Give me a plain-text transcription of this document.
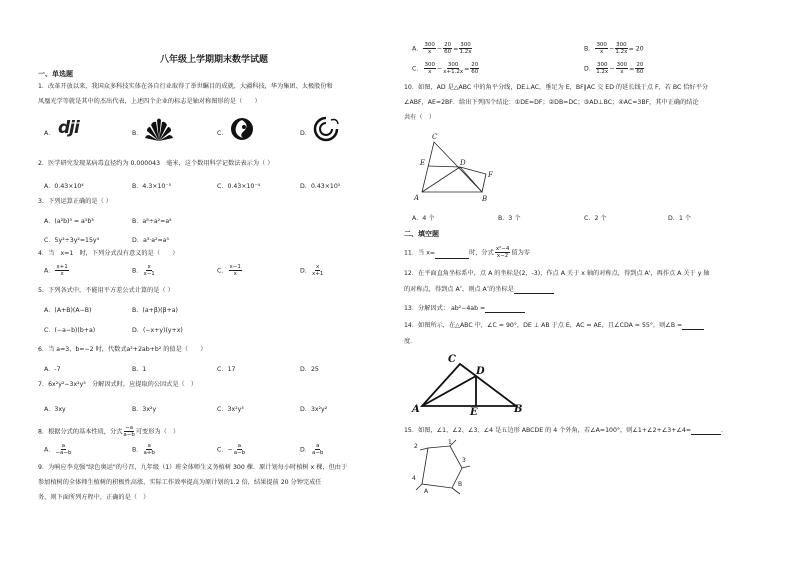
八年级上学期期末数学试题
一、单选题
1．改革开放以来，我国众多科技实体在各自行业取得了举世瞩目的成就，大疆科技，华为集团、太极股份和
凤凰光学等就是其中的杰出代表，上述四个企业的标志是轴对称图形的是（　　）
A． dji	B．	C．	D．
2．医学研究发现某病毒直径约为 0.000043　毫米，这个数用科学记数法表示为（ ）
A．0.43×10⁴	B．4.3×10⁻⁵	C．0.43×10⁻⁴	D．0.43×10⁵
3．下列运算正确的是（ ）
A．(a²b)³ = a⁵b³	B．a⁸÷a²=a⁴
C．5y²÷3y²=15y⁴	D．a³·a²=a⁵
4．当　x=1　时，下列分式没有意义的是（　　）
A． $\frac{x+1}{x}$	B． $\frac{x}{x-1}$	C． $\frac{x-1}{x}$	D． $\frac{x}{x+1}$
5．下列各式中，不能用平方差公式计算的是（ ）
A．(A+B)(A−B)	B．(a+β)(β+a)
C．(−a−b)(b+a)	D．(−x+y)(y+x)
6．当 a=3，b=−2 时，代数式a²+2ab+b² 的值是（　　）
A．-7	B．1	C．17	D．25
7．6x²y²−3x²y³　分解因式时，应提取的公因式是（　）
A．3xy	B．3x²y	C．3x²y³	D．3x²y²
8．根据分式的基本性质，分式 $\frac{-a}{a-b}$ 可变形为（　）
A． $\frac{a}{-a-b}$	B． $\frac{a}{a+b}$	C．− $\frac{a}{a-b}$	D． $\frac{a}{a-b}$
9．为响应李克强"绿色奥运"的号召，九年级（1）班全体师生义务植树 300 棵．原计划每小时植树 x 棵，但由于
参加植树的全体师生植树的积极性高涨，实际工作效率提高为原计划的1.2 倍，结果提前 20 分钟完成任
务，则下面所列方程中，正确的是（　）
A． $\frac{300}{x} - \frac{20}{60} = \frac{300}{1.2x}$	B． $\frac{300}{x} - \frac{300}{1.2x} = 20$
C． $\frac{300}{x} - \frac{300}{x+1.2x} = \frac{20}{60}$	D． $\frac{300}{1.2x} - \frac{300}{x} = \frac{20}{60}$
10．如图，AD 是△ABC 中的角平分线，DE⊥AC，垂足为 E，BF∥AC 交 ED 的延长线于点 F，若 BC 恰好平分
∠ABF，AE=2BF．给出下列四个结论：①DE=DF；②DB=DC；③AD⊥BC；④AC=3BF，其中正确的结论
共有（　）
C
E	D
F
A	B
A．4 个	B．3 个	C．2 个	D．1 个
二、填空题
11．当 x=	时，分式 $\frac{\text{x²−4}}{x-2}$ 值为零
12．在平面直角坐标系中，点 A 的坐标是(2，-3)，作点 A 关于 x 轴的对称点，得到点 A'，再作点 A 关于 y 轴
的对称点，得到点 A″，则点 A″的坐标是
13．分解因式： ab²−4ab =
14．如图所示，在△ABC 中，∠C = 90°，DE ⊥ AB 于点 E，AC = AE，且∠CDA = 55°，则∠B =
度.
C
D
A	E	B
15．如图，∠1、∠2、∠3、∠4 是五边形 ABCDE 的 4 个外角，若∠A=100°，则∠1+∠2+∠3+∠4=	．
2
1
3
4
A
B
